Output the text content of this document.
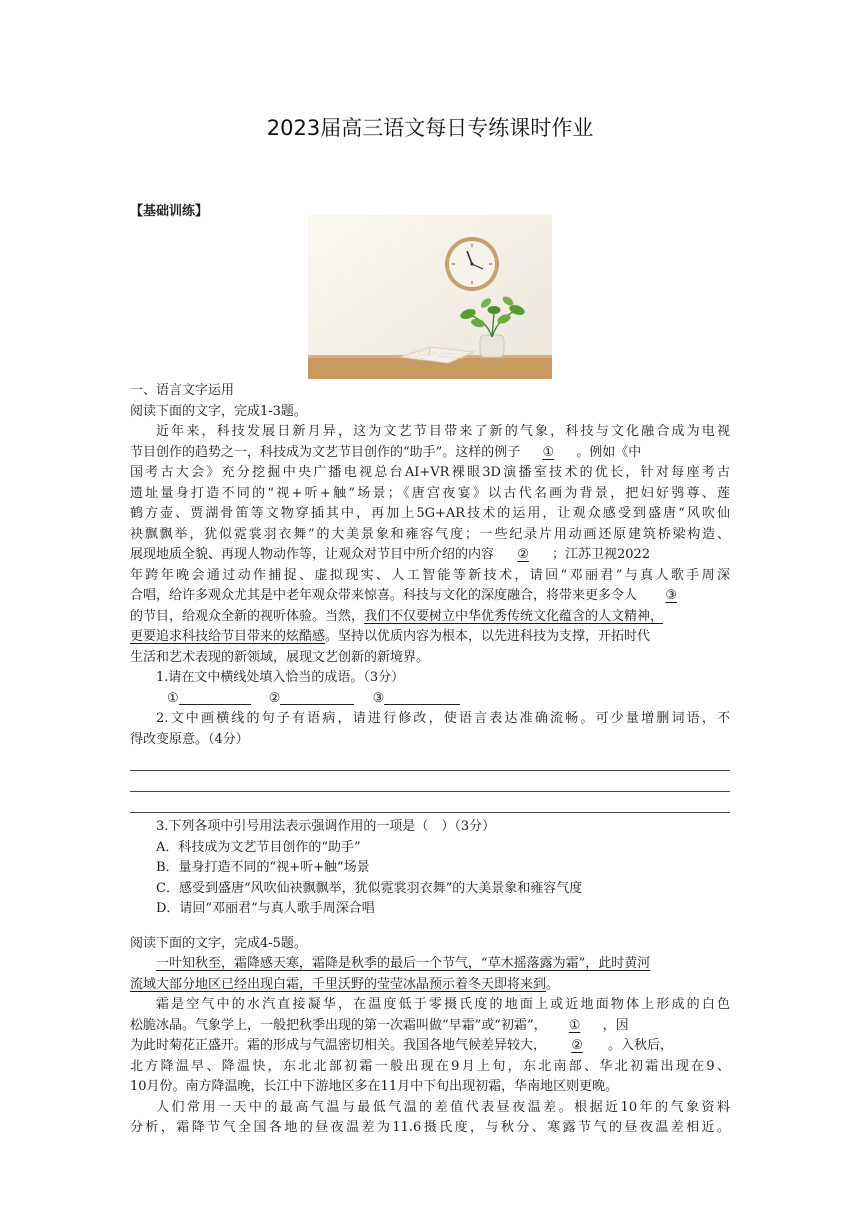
2023届高三语文每日专练课时作业
【基础训练】
一、语言文字运用
阅读下面的文字，完成1-3题。
近年来，科技发展日新月异，这为文艺节目带来了新的气象，科技与文化融合成为电视
节目创作的趋势之一，科技成为文艺节目创作的“助手”。这样的例子 ① 。例如《中
国考古大会》充分挖掘中央广播电视总台AI+VR裸眼3D演播室技术的优长，针对每座考古
遗址量身打造不同的“视+听+触”场景；《唐宫夜宴》以古代名画为背景，把妇好鸮尊、莲
鹤方壶、贾湖骨笛等文物穿插其中，再加上5G+AR技术的运用，让观众感受到盛唐“风吹仙
袂飘飘举，犹似霓裳羽衣舞”的大美景象和雍容气度；一些纪录片用动画还原建筑桥梁构造、
展现地质全貌、再现人物动作等，让观众对节目中所介绍的内容 ② ；江苏卫视2022
年跨年晚会通过动作捕捉、虚拟现实、人工智能等新技术，请回“邓丽君”与真人歌手周深
合唱，给许多观众尤其是中老年观众带来惊喜。科技与文化的深度融合，将带来更多令人 ③
的节目，给观众全新的视听体验。当然，我们不仅要树立中华优秀传统文化蕴含的人文精神，
更要追求科技给节目带来的炫酷感。坚持以优质内容为根本，以先进科技为支撑，开拓时代
生活和艺术表现的新领域，展现文艺创新的新境界。
1.请在文中横线处填入恰当的成语。（3分）
①	②	③
2.文中画横线的句子有语病，请进行修改，使语言表达准确流畅。可少量增删词语，不
得改变原意。（4分）
3.下列各项中引号用法表示强调作用的一项是（　）（3分）
A．科技成为文艺节目创作的“助手”
B．量身打造不同的“视+听+触”场景
C．感受到盛唐“风吹仙袂飘飘举，犹似霓裳羽衣舞”的大美景象和雍容气度
D．请回“邓丽君”与真人歌手周深合唱
阅读下面的文字，完成4-5题。
一叶知秋至，霜降感天寒，霜降是秋季的最后一个节气，“草木摇落露为霜”，此时黄河
流域大部分地区已经出现白霜，千里沃野的莹莹冰晶预示着冬天即将来到。
霜是空气中的水汽直接凝华，在温度低于零摄氏度的地面上或近地面物体上形成的白色
松脆冰晶。气象学上，一般把秋季出现的第一次霜叫做“早霜”或“初霜”， ① ，因
为此时菊花正盛开。霜的形成与气温密切相关。我国各地气候差异较大， ② 。入秋后，
北方降温早、降温快，东北北部初霜一般出现在9月上旬，东北南部、华北初霜出现在9、
10月份。南方降温晚，长江中下游地区多在11月中下旬出现初霜，华南地区则更晚。
人们常用一天中的最高气温与最低气温的差值代表昼夜温差。根据近10年的气象资料
分析，霜降节气全国各地的昼夜温差为11.6摄氏度，与秋分、寒露节气的昼夜温差相近。
